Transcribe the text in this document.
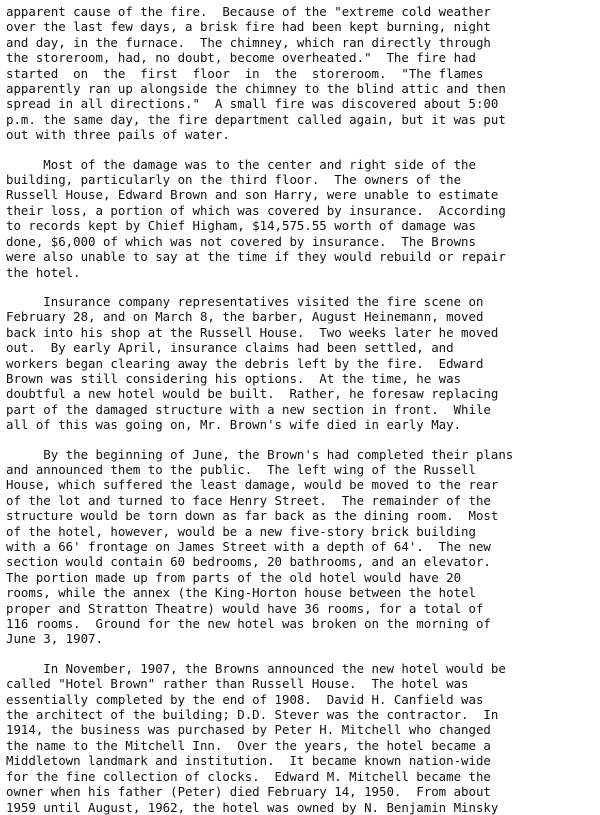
apparent cause of the fire.  Because of the "extreme cold weather
over the last few days, a brisk fire had been kept burning, night
and day, in the furnace.  The chimney, which ran directly through
the storeroom, had, no doubt, become overheated."  The fire had
started  on  the  first  floor  in  the  storeroom.  "The flames
apparently ran up alongside the chimney to the blind attic and then
spread in all directions."  A small fire was discovered about 5:00
p.m. the same day, the fire department called again, but it was put
out with three pails of water.
Most of the damage was to the center and right side of the
building, particularly on the third floor.  The owners of the
Russell House, Edward Brown and son Harry, were unable to estimate
their loss, a portion of which was covered by insurance.  According
to records kept by Chief Higham, $14,575.55 worth of damage was
done, $6,000 of which was not covered by insurance.  The Browns
were also unable to say at the time if they would rebuild or repair
the hotel.
Insurance company representatives visited the fire scene on
February 28, and on March 8, the barber, August Heinemann, moved
back into his shop at the Russell House.  Two weeks later he moved
out.  By early April, insurance claims had been settled, and
workers began clearing away the debris left by the fire.  Edward
Brown was still considering his options.  At the time, he was
doubtful a new hotel would be built.  Rather, he foresaw replacing
part of the damaged structure with a new section in front.  While
all of this was going on, Mr. Brown's wife died in early May.
By the beginning of June, the Brown's had completed their plans
and announced them to the public.  The left wing of the Russell
House, which suffered the least damage, would be moved to the rear
of the lot and turned to face Henry Street.  The remainder of the
structure would be torn down as far back as the dining room.  Most
of the hotel, however, would be a new five-story brick building
with a 66' frontage on James Street with a depth of 64'.  The new
section would contain 60 bedrooms, 20 bathrooms, and an elevator.
The portion made up from parts of the old hotel would have 20
rooms, while the annex (the King-Horton house between the hotel
proper and Stratton Theatre) would have 36 rooms, for a total of
116 rooms.  Ground for the new hotel was broken on the morning of
June 3, 1907.
In November, 1907, the Browns announced the new hotel would be
called "Hotel Brown" rather than Russell House.  The hotel was
essentially completed by the end of 1908.  David H. Canfield was
the architect of the building; D.D. Stever was the contractor.  In
1914, the business was purchased by Peter H. Mitchell who changed
the name to the Mitchell Inn.  Over the years, the hotel became a
Middletown landmark and institution.  It became known nation-wide
for the fine collection of clocks.  Edward M. Mitchell became the
owner when his father (Peter) died February 14, 1950.  From about
1959 until August, 1962, the hotel was owned by N. Benjamin Minsky
